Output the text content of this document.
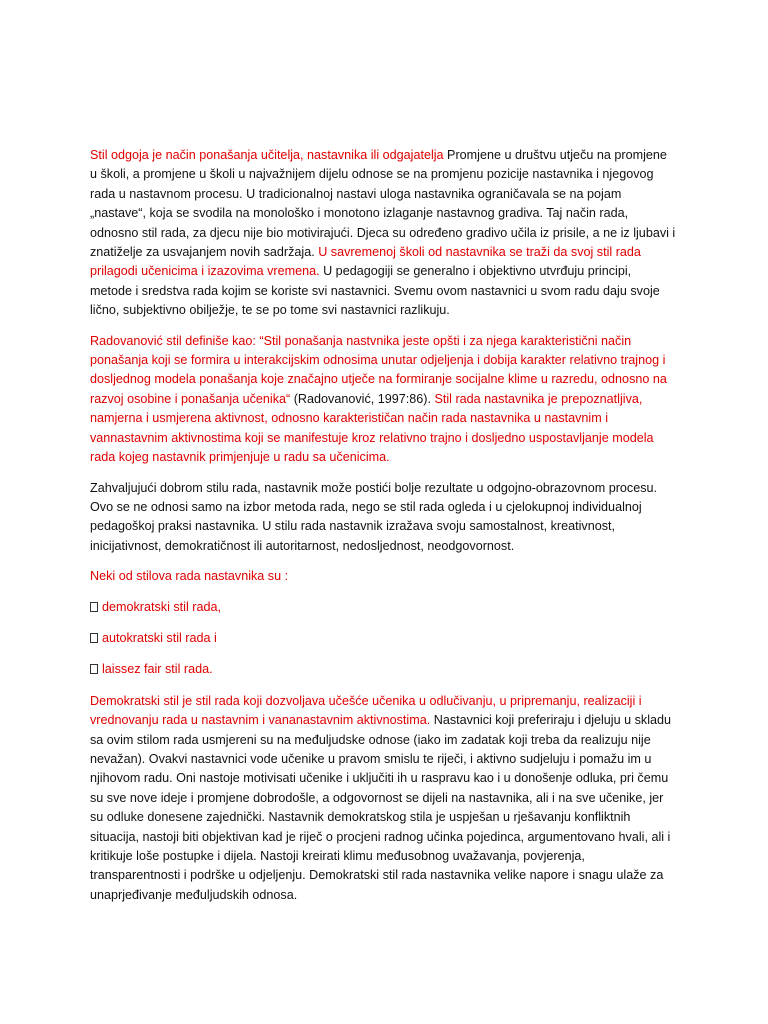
Stil odgoja je način ponašanja učitelja, nastavnika ili odgajatelja Promjene u društvu utječu na promjene u školi, a promjene u školi u najvažnijem dijelu odnose se na promjenu pozicije nastavnika i njegovog rada u nastavnom procesu. U tradicionalnoj nastavi uloga nastavnika ograničavala se na pojam „nastave“, koja se svodila na monološko i monotono izlaganje nastavnog gradiva. Taj način rada, odnosno stil rada, za djecu nije bio motivirajući. Djeca su određeno gradivo učila iz prisile, a ne iz ljubavi i znatiželje za usvajanjem novih sadržaja. U savremenoj školi od nastavnika se traži da svoj stil rada prilagodi učenicima i izazovima vremena. U pedagogiji se generalno i objektivno utvrđuju principi, metode i sredstva rada kojim se koriste svi nastavnici. Svemu ovom nastavnici u svom radu daju svoje lično, subjektivno obilježje, te se po tome svi nastavnici razlikuju.

Radovanović stil definiše kao: “Stil ponašanja nastvnika jeste opšti i za njega karakteristični način ponašanja koji se formira u interakcijskim odnosima unutar odjeljenja i dobija karakter relativno trajnog i dosljednog modela ponašanja koje značajno utječe na formiranje socijalne klime u razredu, odnosno na razvoj osobine i ponašanja učenika“ (Radovanović, 1997:86). Stil rada nastavnika je prepoznatljiva, namjerna i usmjerena aktivnost, odnosno karakterističan način rada nastavnika u nastavnim i vannastavnim aktivnostima koji se manifestuje kroz relativno trajno i dosljedno uspostavljanje modela rada kojeg nastavnik primjenjuje u radu sa učenicima.

Zahvaljujući dobrom stilu rada, nastavnik može postići bolje rezultate u odgojno-obrazovnom procesu. Ovo se ne odnosi samo na izbor metoda rada, nego se stil rada ogleda i u cjelokupnoj individualnoj pedagoškoj praksi nastavnika. U stilu rada nastavnik izražava svoju samostalnost, kreativnost, inicijativnost, demokratičnost ili autoritarnost, nedosljednost, neodgovornost.

Neki od stilova rada nastavnika su :

demokratski stil rada,
autokratski stil rada i
laissez fair stil rada.

Demokratski stil je stil rada koji dozvoljava učešće učenika u odlučivanju, u pripremanju, realizaciji i vrednovanju rada u nastavnim i vananastavnim aktivnostima. Nastavnici koji preferiraju i djeluju u skladu sa ovim stilom rada usmjereni su na međuljudske odnose (iako im zadatak koji treba da realizuju nije nevažan). Ovakvi nastavnici vode učenike u pravom smislu te riječi, i aktivno sudjeluju i pomažu im u njihovom radu. Oni nastoje motivisati učenike i uključiti ih u raspravu kao i u donošenje odluka, pri čemu su sve nove ideje i promjene dobrodošle, a odgovornost se dijeli na nastavnika, ali i na sve učenike, jer su odluke donesene zajednički. Nastavnik demokratskog stila je uspješan u rješavanju konfliktnih situacija, nastoji biti objektivan kad je riječ o procjeni radnog učinka pojedinca, argumentovano hvali, ali i kritikuje loše postupke i dijela. Nastoji kreirati klimu međusobnog uvažavanja, povjerenja, transparentnosti i podrške u odjeljenju. Demokratski stil rada nastavnika velike napore i snagu ulaže za unaprjeđivanje međuljudskih odnosa.
